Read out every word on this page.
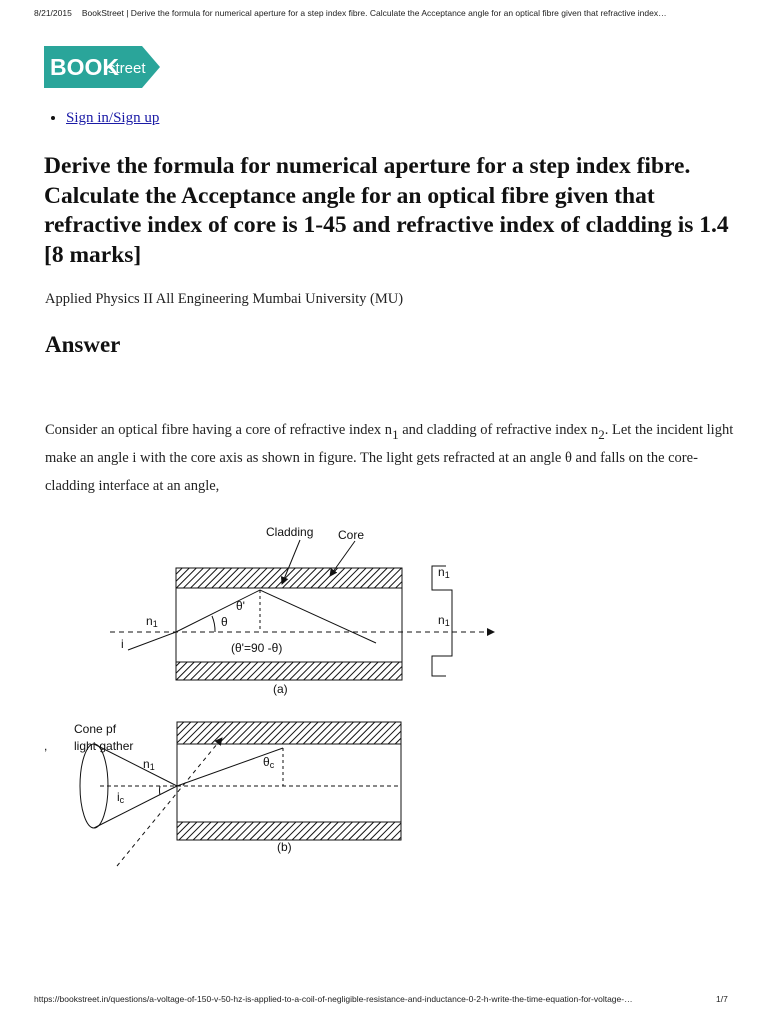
8/21/2015 BookStreet | Derive the formula for numerical aperture for a step index fibre. Calculate the Acceptance angle for an optical fibre given that refractive index…
BOOK
street
• Sign in/Sign up
Derive the formula for numerical aperture for a step index fibre. Calculate the Acceptance angle for an optical fibre given that refractive index of core is 1-45 and refractive index of cladding is 1.4 [8 marks]
Applied Physics II All Engineering Mumbai University (MU)
Answer

Consider an optical fibre having a core of refractive index n1 and cladding of refractive index n2. Let the incident light make an angle i with the core axis as shown in figure. The light gets refracted at an angle θ and falls on the core-cladding interface at an angle,

Cladding Core
n1
i
θ
θ'
(θ'=90 -θ)
(a)
n1
n1
Cone pf
light gather
,
n1
ic
θc
(b)
https://bookstreet.in/questions/a-voltage-of-150-v-50-hz-is-applied-to-a-coil-of-negligible-resistance-and-inductance-0-2-h-write-the-time-equation-for-voltage-…	1/7
